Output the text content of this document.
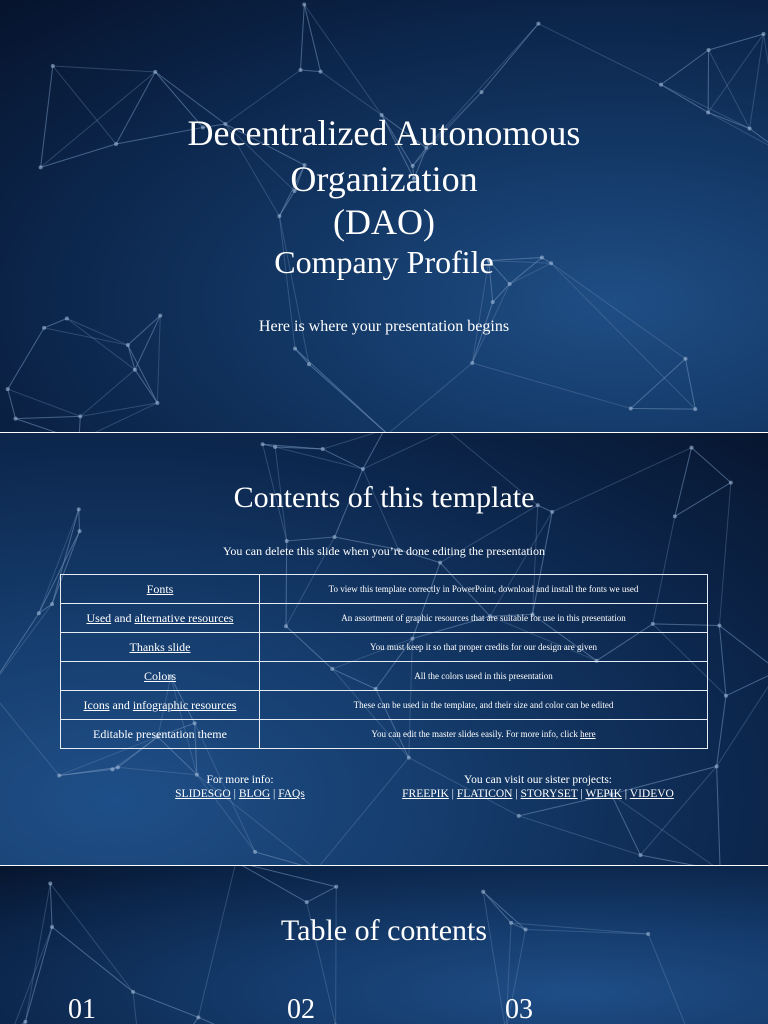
Decentralized Autonomous
Organization
(DAO)
Company Profile
Here is where your presentation begins
Contents of this template
You can delete this slide when you’re done editing the presentation
Fonts	To view this template correctly in PowerPoint, download and install the fonts we used
Used and alternative resources	An assortment of graphic resources that are suitable for use in this presentation
Thanks slide	You must keep it so that proper credits for our design are given
Colors	All the colors used in this presentation
Icons and infographic resources	These can be used in the template, and their size and color can be edited
Editable presentation theme	You can edit the master slides easily. For more info, click here
For more info:
SLIDESGO | BLOG | FAQs
You can visit our sister projects:
FREEPIK | FLATICON | STORYSET | WEPIK | VIDEVO
Table of contents
01	02	03
